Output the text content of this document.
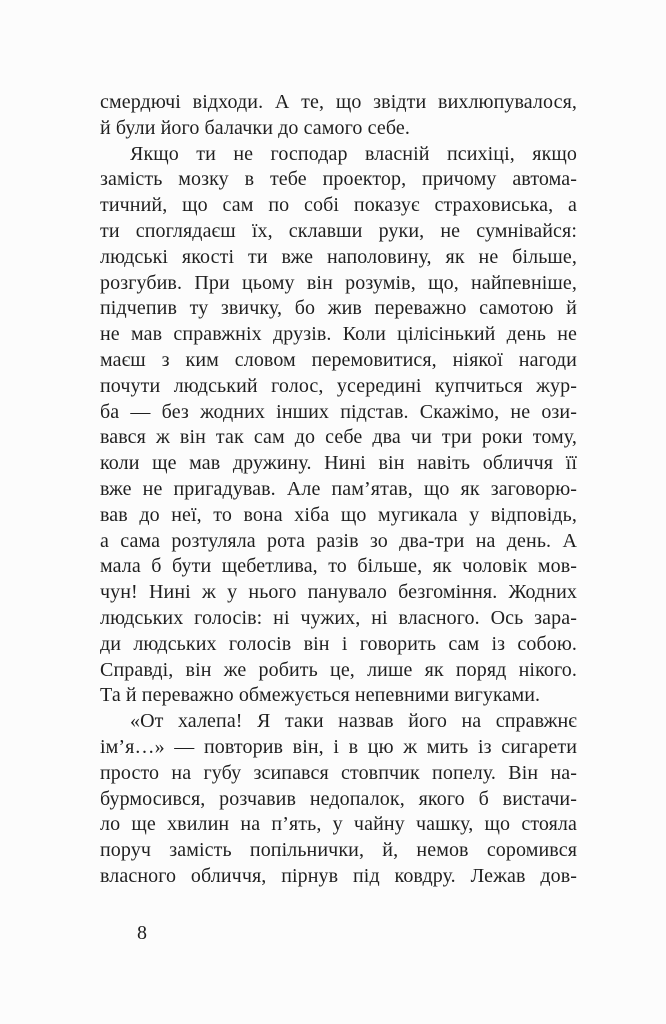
смердючі відходи. А те, що звідти вихлюпувалося,
й були його балачки до самого себе.
Якщо ти не господар власній психіці, якщо
замість мозку в тебе проектор, причому автома-
тичний, що сам по собі показує страховиська, а
ти споглядаєш їх, склавши руки, не сумнівайся:
людські якості ти вже наполовину, як не більше,
розгубив. При цьому він розумів, що, найпевніше,
підчепив ту звичку, бо жив переважно самотою й
не мав справжніх друзів. Коли цілісінький день не
маєш з ким словом перемовитися, ніякої нагоди
почути людський голос, усередині купчиться жур-
ба — без жодних інших підстав. Скажімо, не ози-
вався ж він так сам до себе два чи три роки тому,
коли ще мав дружину. Нині він навіть обличчя її
вже не пригадував. Але пам’ятав, що як заговорю-
вав до неї, то вона хіба що мугикала у відповідь,
а сама розтуляла рота разів зо два-три на день. А
мала б бути щебетлива, то більше, як чоловік мов-
чун! Нині ж у нього панувало безгоміння. Жодних
людських голосів: ні чужих, ні власного. Ось зара-
ди людських голосів він і говорить сам із собою.
Справді, він же робить це, лише як поряд нікого.
Та й переважно обмежується непевними вигуками.
«От халепа! Я таки назвав його на справжнє
ім’я…» — повторив він, і в цю ж мить із сигарети
просто на губу зсипався стовпчик попелу. Він на-
бурмосився, розчавив недопалок, якого б вистачи-
ло ще хвилин на п’ять, у чайну чашку, що стояла
поруч замість попільнички, й, немов соромився
власного обличчя, пірнув під ковдру. Лежав дов-
8
